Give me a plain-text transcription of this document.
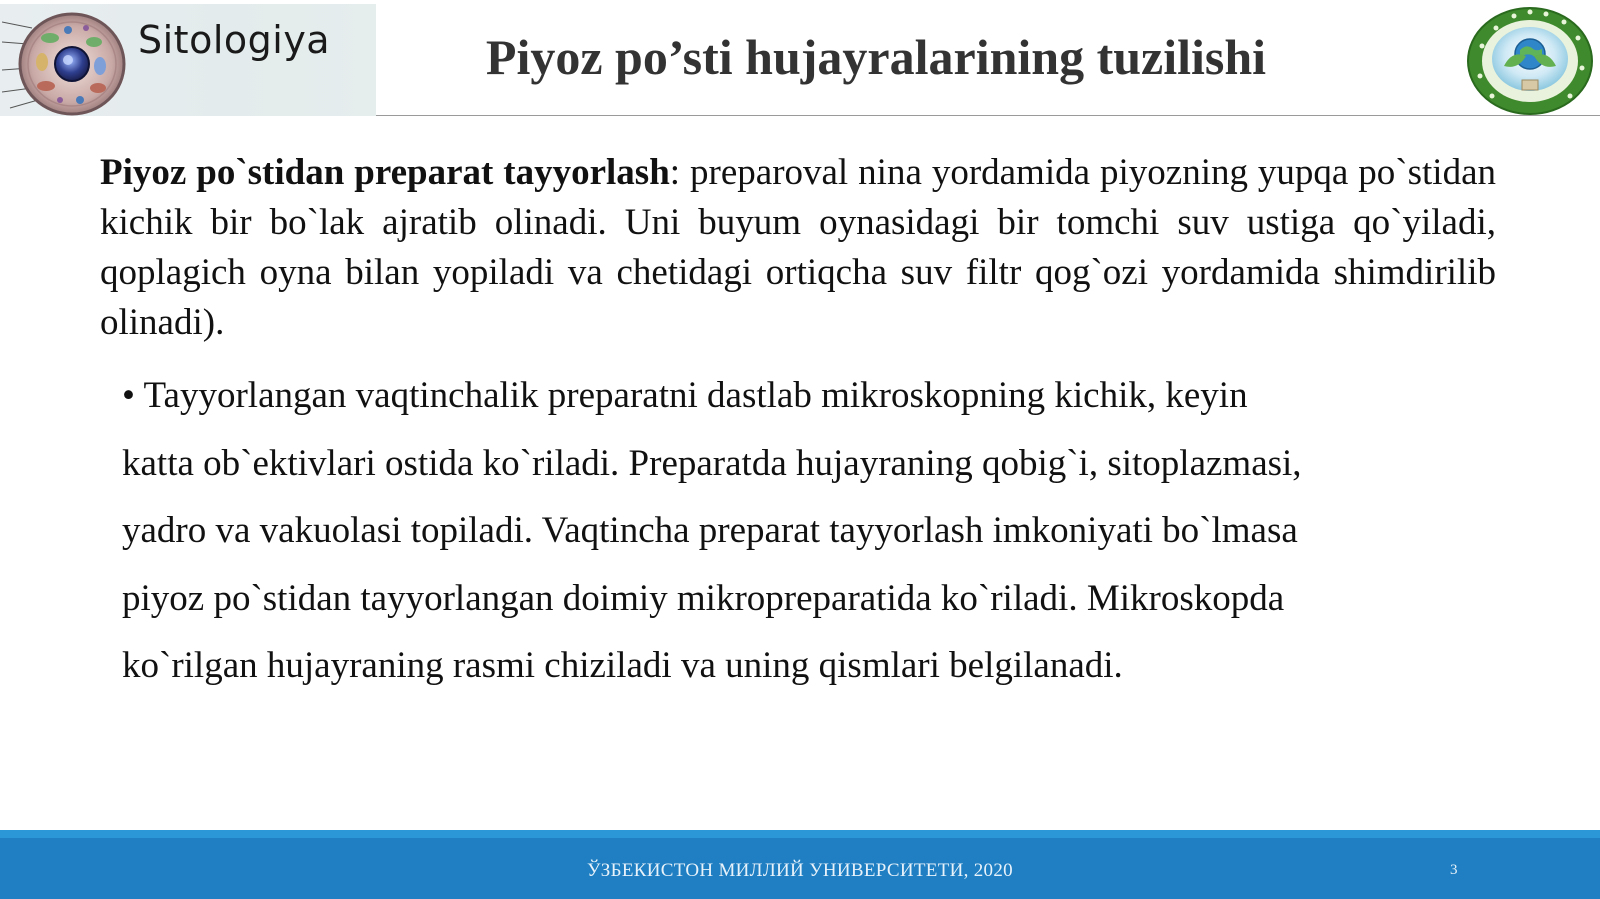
Sitologiya	Piyoz po’sti hujayralarining tuzilishi
Piyoz po`stidan preparat tayyorlash: preparoval nina yordamida piyozning yupqa po`stidan kichik bir bo`lak ajratib olinadi. Uni buyum oynasidagi bir tomchi suv ustiga qo`yiladi, qoplagich oyna bilan yopiladi va chetidagi ortiqcha suv filtr qog`ozi yordamida shimdirilib olinadi).
• Tayyorlangan vaqtinchalik preparatni dastlab mikroskopning kichik, keyin
katta ob`ektivlari ostida ko`riladi. Preparatda hujayraning qobig`i, sitoplazmasi,
yadro va vakuolasi topiladi. Vaqtincha preparat tayyorlash imkoniyati bo`lmasa
piyoz po`stidan tayyorlangan doimiy mikropreparatida ko`riladi. Mikroskopda
ko`rilgan hujayraning rasmi chiziladi va uning qismlari belgilanadi.
ЎЗБЕКИСТОН МИЛЛИЙ УНИВЕРСИТЕТИ, 2020	3
